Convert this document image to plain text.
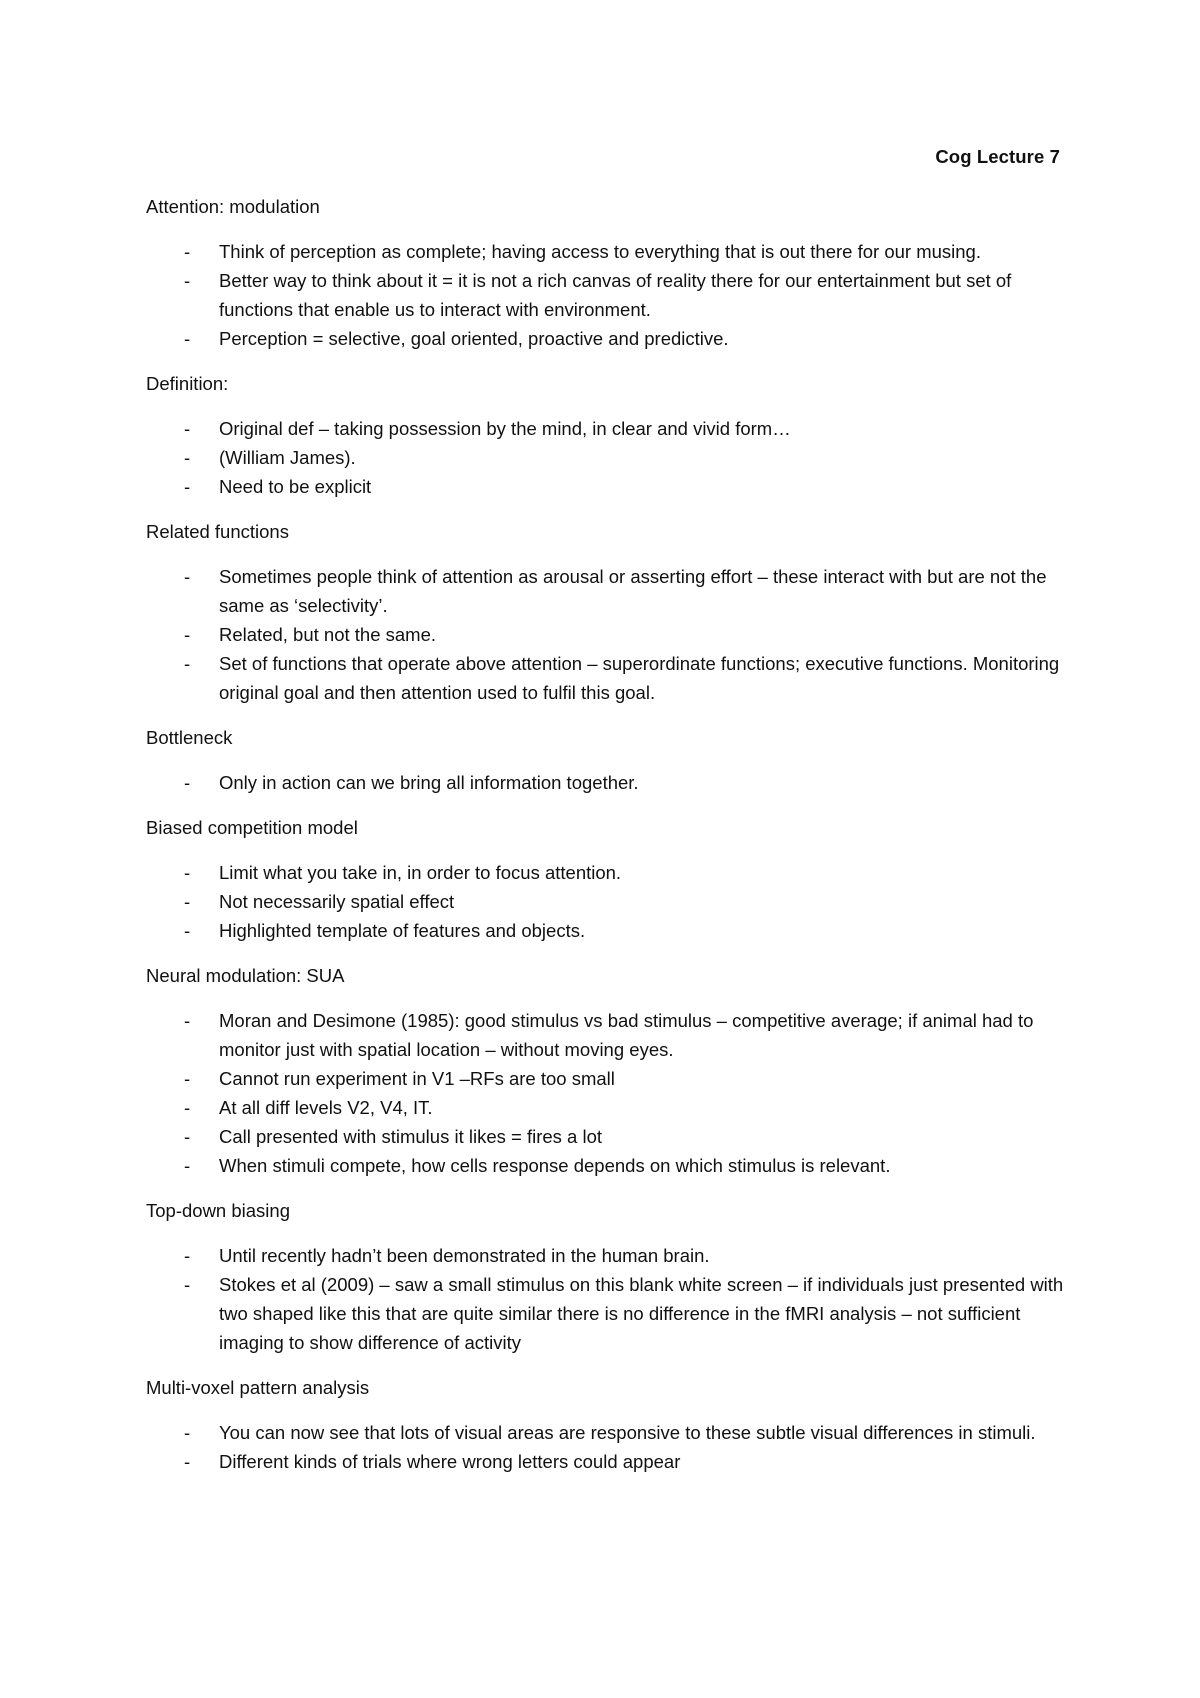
Cog Lecture 7
Attention: modulation
- Think of perception as complete; having access to everything that is out there for our musing.
- Better way to think about it = it is not a rich canvas of reality there for our entertainment but set of functions that enable us to interact with environment.
- Perception = selective, goal oriented, proactive and predictive.
Definition:
- Original def – taking possession by the mind, in clear and vivid form…
- (William James).
- Need to be explicit
Related functions
- Sometimes people think of attention as arousal or asserting effort – these interact with but are not the same as ‘selectivity’.
- Related, but not the same.
- Set of functions that operate above attention – superordinate functions; executive functions. Monitoring original goal and then attention used to fulfil this goal.
Bottleneck
- Only in action can we bring all information together.
Biased competition model
- Limit what you take in, in order to focus attention.
- Not necessarily spatial effect
- Highlighted template of features and objects.
Neural modulation: SUA
- Moran and Desimone (1985): good stimulus vs bad stimulus – competitive average; if animal had to monitor just with spatial location – without moving eyes.
- Cannot run experiment in V1 –RFs are too small
- At all diff levels V2, V4, IT.
- Call presented with stimulus it likes = fires a lot
- When stimuli compete, how cells response depends on which stimulus is relevant.
Top-down biasing
- Until recently hadn’t been demonstrated in the human brain.
- Stokes et al (2009) – saw a small stimulus on this blank white screen – if individuals just presented with two shaped like this that are quite similar there is no difference in the fMRI analysis – not sufficient imaging to show difference of activity
Multi-voxel pattern analysis
- You can now see that lots of visual areas are responsive to these subtle visual differences in stimuli.
- Different kinds of trials where wrong letters could appear
